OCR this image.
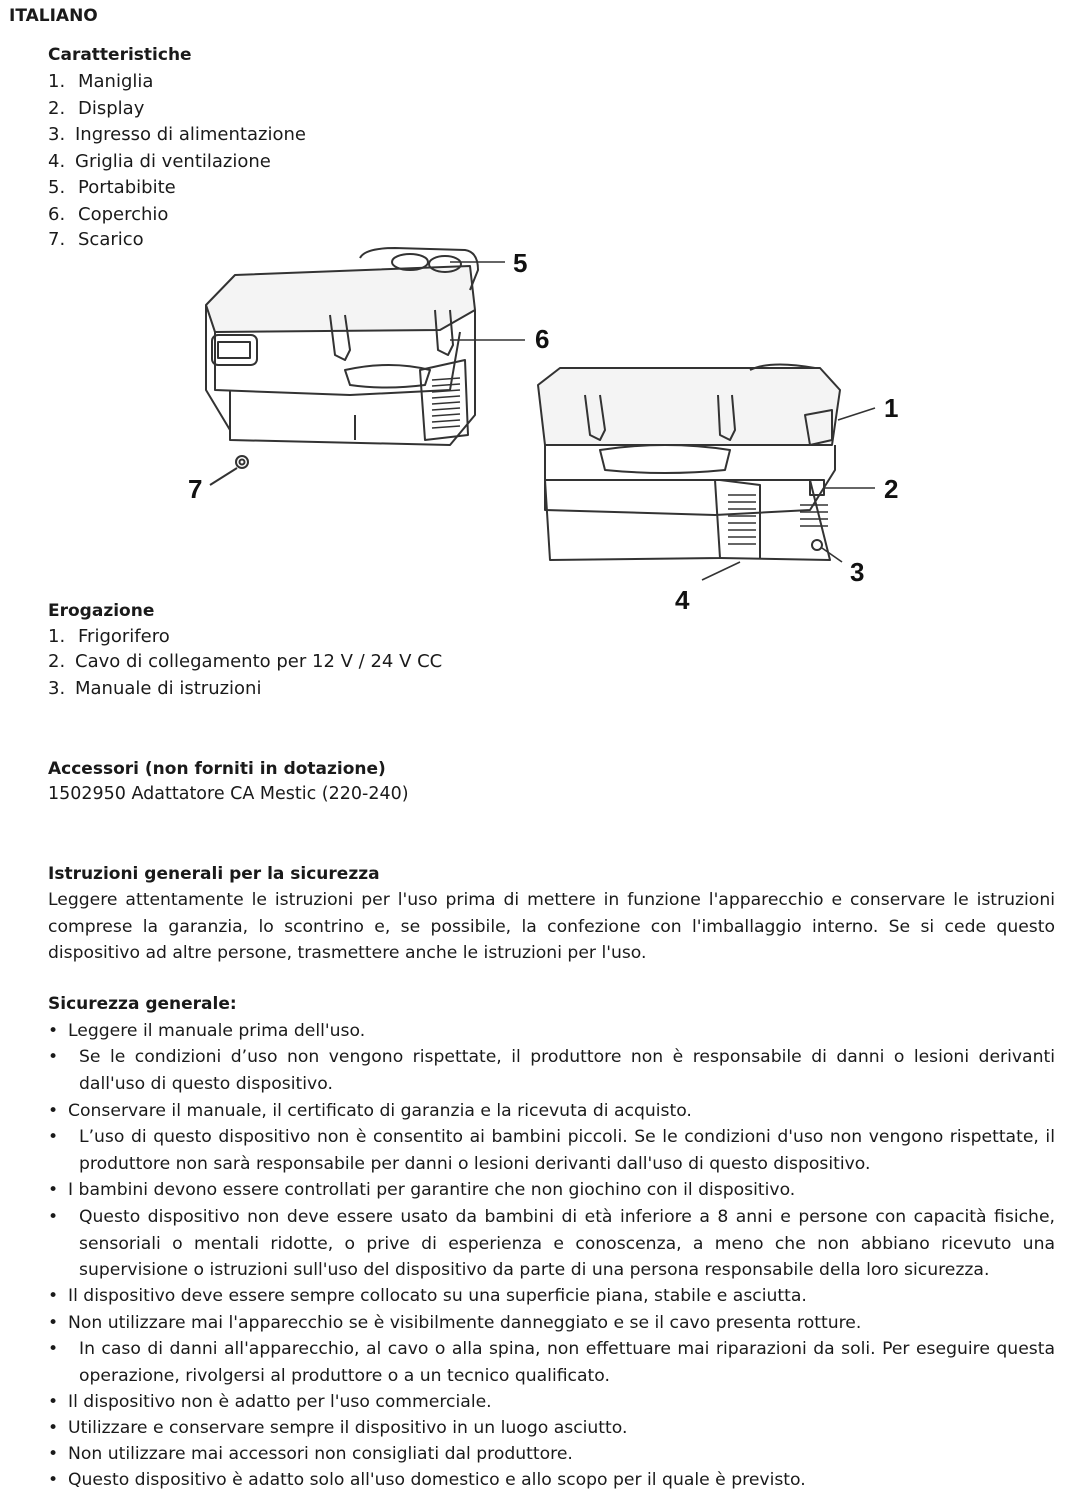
ITALIANO
Caratteristiche
1. Maniglia
2. Display
3. Ingresso di alimentazione
4. Griglia di ventilazione
5. Portabibite
6. Coperchio
7. Scarico
1
2
3
4
5
6
7
Erogazione
1. Frigorifero
2. Cavo di collegamento per 12 V / 24 V CC
3. Manuale di istruzioni
Accessori (non forniti in dotazione)
1502950 Adattatore CA Mestic (220-240)
Istruzioni generali per la sicurezza
Leggere attentamente le istruzioni per l'uso prima di mettere in funzione l'apparecchio e conservare le istruzioni comprese la garanzia, lo scontrino e, se possibile, la confezione con l'imballaggio interno. Se si cede questo dispositivo ad altre persone, trasmettere anche le istruzioni per l'uso.
Sicurezza generale:
• Leggere il manuale prima dell'uso.
•	Se le condizioni d’uso non vengono rispettate, il produttore non è responsabile di danni o lesioni derivanti dall'uso di questo dispositivo.
• Conservare il manuale, il certificato di garanzia e la ricevuta di acquisto.
•	L’uso di questo dispositivo non è consentito ai bambini piccoli. Se le condizioni d'uso non vengono rispettate, il produttore non sarà responsabile per danni o lesioni derivanti dall'uso di questo dispositivo.
• I bambini devono essere controllati per garantire che non giochino con il dispositivo.
•	Questo dispositivo non deve essere usato da bambini di età inferiore a 8 anni e persone con capacità fisiche, sensoriali o mentali ridotte, o prive di esperienza e conoscenza, a meno che non abbiano ricevuto una supervisione o istruzioni sull'uso del dispositivo da parte di una persona responsabile della loro sicurezza.
• Il dispositivo deve essere sempre collocato su una superficie piana, stabile e asciutta.
• Non utilizzare mai l'apparecchio se è visibilmente danneggiato e se il cavo presenta rotture.
•	In caso di danni all'apparecchio, al cavo o alla spina, non effettuare mai riparazioni da soli. Per eseguire questa operazione, rivolgersi al produttore o a un tecnico qualificato.
• Il dispositivo non è adatto per l'uso commerciale.
• Utilizzare e conservare sempre il dispositivo in un luogo asciutto.
• Non utilizzare mai accessori non consigliati dal produttore.
• Questo dispositivo è adatto solo all'uso domestico e allo scopo per il quale è previsto.
